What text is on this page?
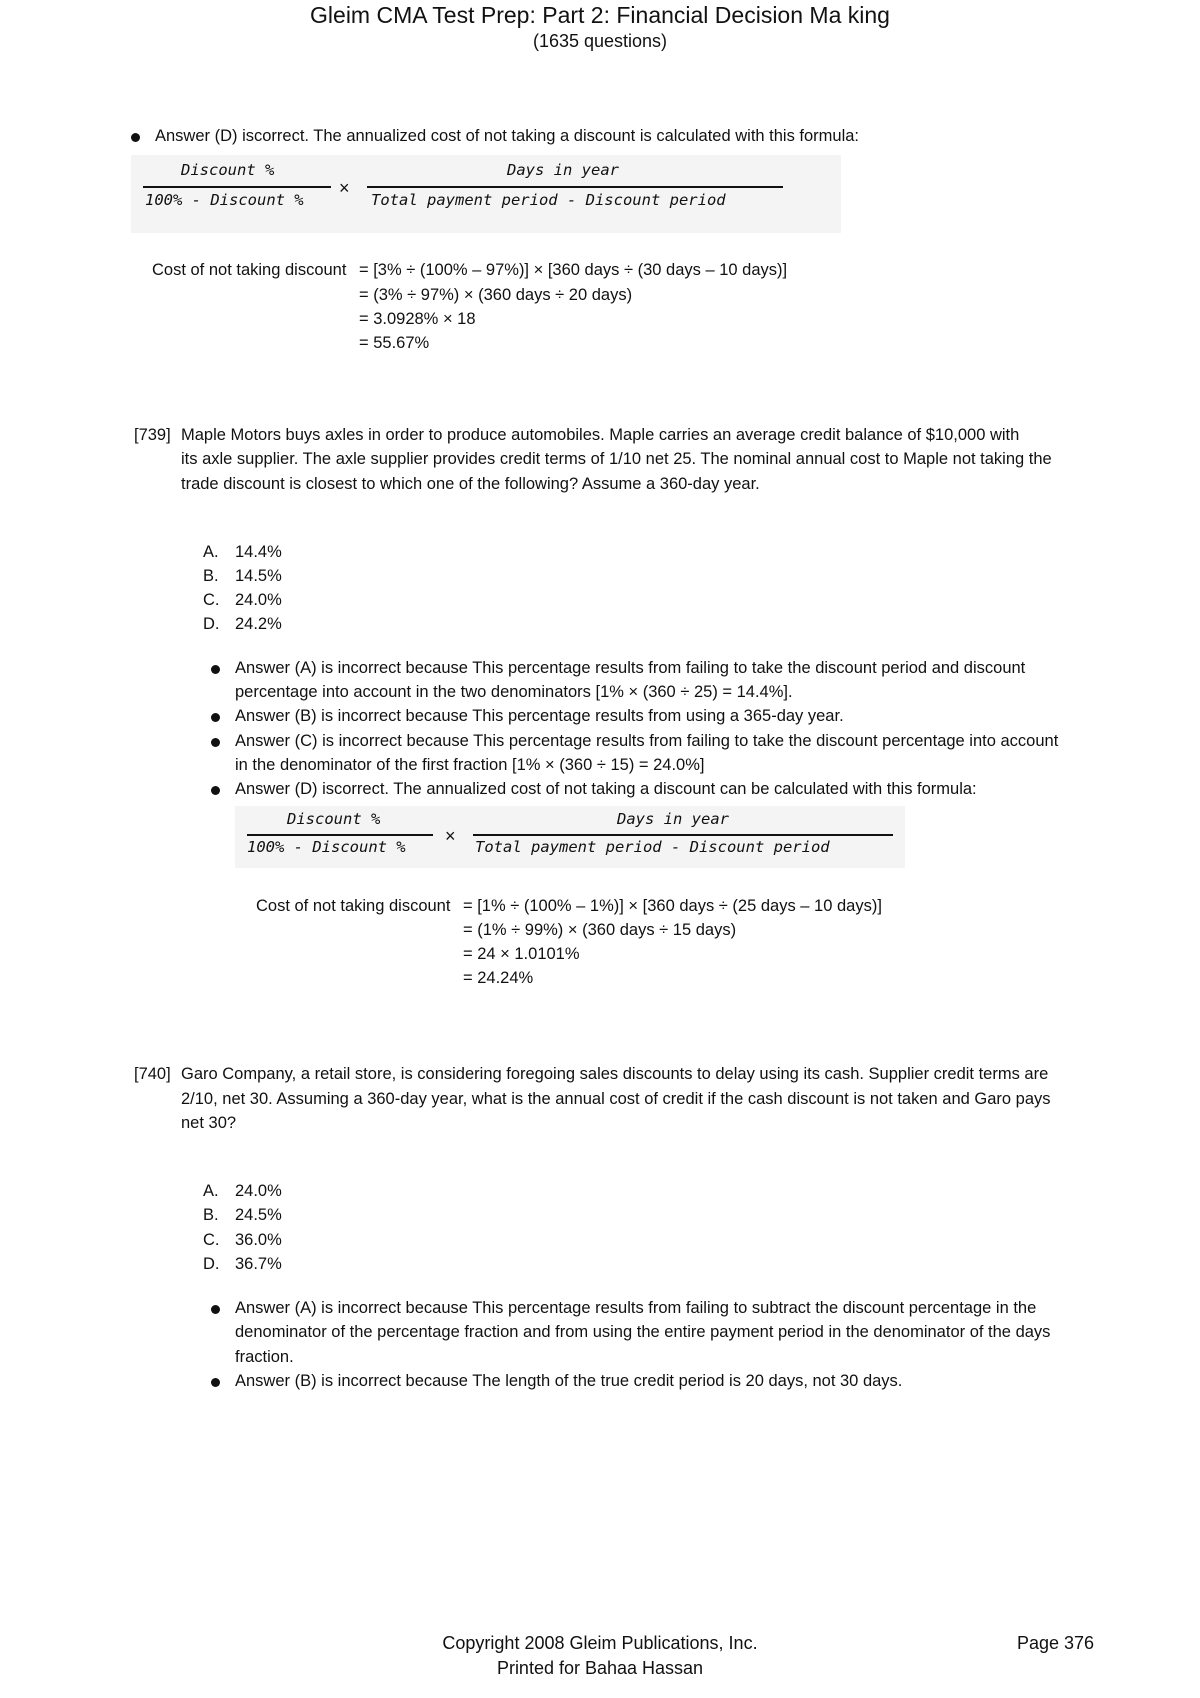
Gleim CMA Test Prep: Part 2: Financial Decision Ma king
(1635 questions)
Answer (D) iscorrect. The annualized cost of not taking a discount is calculated with this formula:
Discount %
100% - Discount %
×
Days in year
Total payment period - Discount period
Cost of not taking discount = [3% ÷ (100% – 97%)] × [360 days ÷ (30 days – 10 days)]
= (3% ÷ 97%) × (360 days ÷ 20 days)
= 3.0928% × 18
= 55.67%
[739] Maple Motors buys axles in order to produce automobiles. Maple carries an average credit balance of $10,000 with
its axle supplier. The axle supplier provides credit terms of 1/10 net 25. The nominal annual cost to Maple not taking the
trade discount is closest to which one of the following? Assume a 360-day year.
A. 14.4%
B. 14.5%
C. 24.0%
D. 24.2%
Answer (A) is incorrect because This percentage results from failing to take the discount period and discount
percentage into account in the two denominators [1% × (360 ÷ 25) = 14.4%].
Answer (B) is incorrect because This percentage results from using a 365-day year.
Answer (C) is incorrect because This percentage results from failing to take the discount percentage into account
in the denominator of the first fraction [1% × (360 ÷ 15) = 24.0%]
Answer (D) iscorrect. The annualized cost of not taking a discount can be calculated with this formula:
Discount %
100% - Discount %
×
Days in year
Total payment period - Discount period
Cost of not taking discount = [1% ÷ (100% – 1%)] × [360 days ÷ (25 days – 10 days)]
= (1% ÷ 99%) × (360 days ÷ 15 days)
= 24 × 1.0101%
= 24.24%
[740] Garo Company, a retail store, is considering foregoing sales discounts to delay using its cash. Supplier credit terms are
2/10, net 30. Assuming a 360-day year, what is the annual cost of credit if the cash discount is not taken and Garo pays
net 30?
A. 24.0%
B. 24.5%
C. 36.0%
D. 36.7%
Answer (A) is incorrect because This percentage results from failing to subtract the discount percentage in the
denominator of the percentage fraction and from using the entire payment period in the denominator of the days
fraction.
Answer (B) is incorrect because The length of the true credit period is 20 days, not 30 days.
Copyright 2008 Gleim Publications, Inc.
Printed for Bahaa Hassan
Page 376
